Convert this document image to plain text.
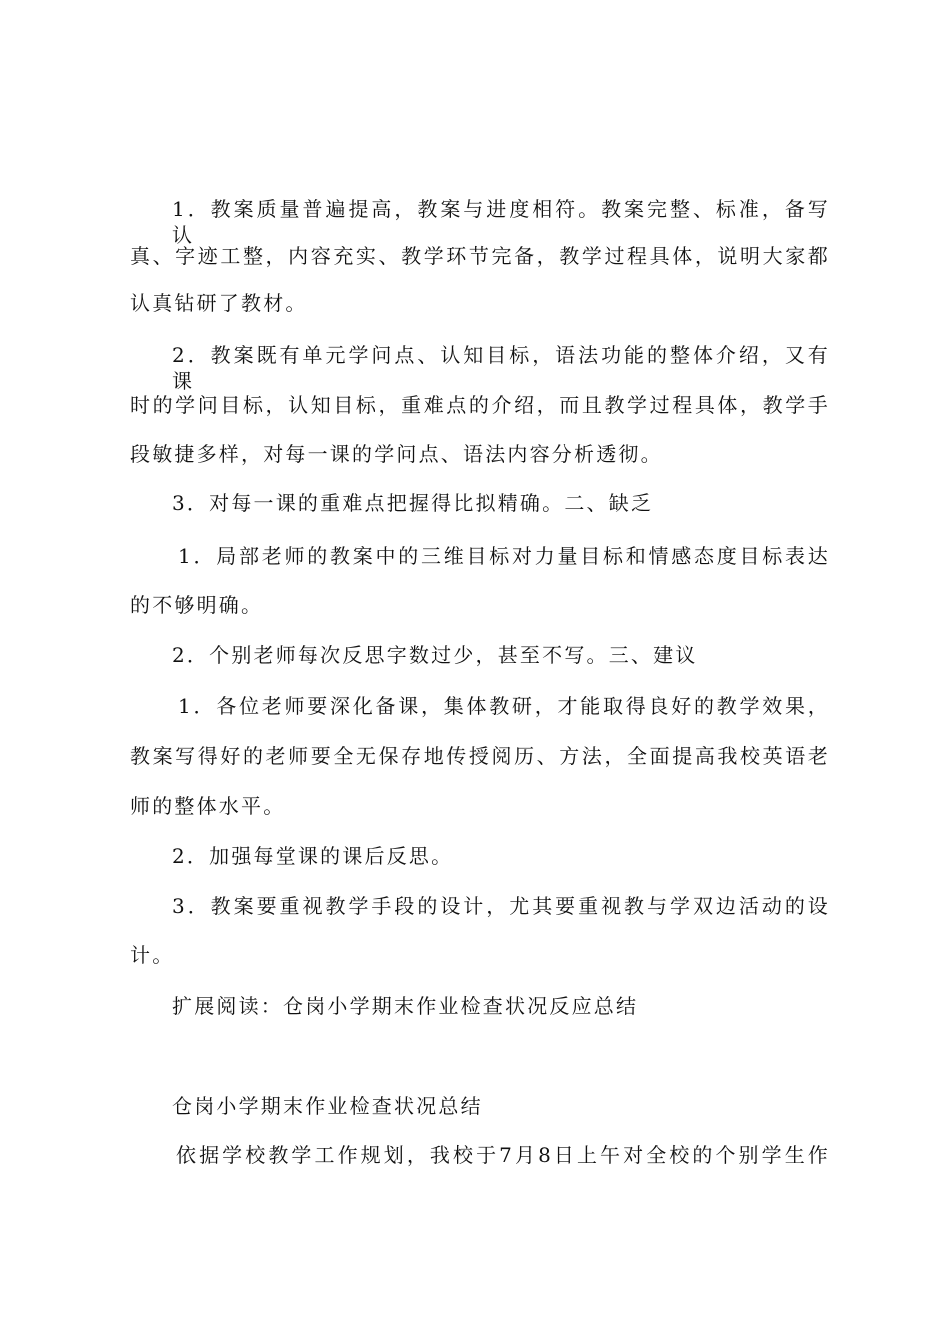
1．教案质量普遍提高，教案与进度相符。教案完整、标准，备写认
真、字迹工整，内容充实、教学环节完备，教学过程具体，说明大家都
认真钻研了教材。
2．教案既有单元学问点、认知目标，语法功能的整体介绍，又有课
时的学问目标，认知目标，重难点的介绍，而且教学过程具体，教学手
段敏捷多样，对每一课的学问点、语法内容分析透彻。
3．对每一课的重难点把握得比拟精确。二、缺乏
1．局部老师的教案中的三维目标对力量目标和情感态度目标表达
的不够明确。
2．个别老师每次反思字数过少，甚至不写。三、建议
1．各位老师要深化备课，集体教研，才能取得良好的教学效果，
教案写得好的老师要全无保存地传授阅历、方法，全面提高我校英语老
师的整体水平。
2．加强每堂课的课后反思。
3．教案要重视教学手段的设计，尤其要重视教与学双边活动的设
计。
扩展阅读：仓岗小学期末作业检查状况反应总结
仓岗小学期末作业检查状况总结
依据学校教学工作规划，我校于7月8日上午对全校的个别学生作
